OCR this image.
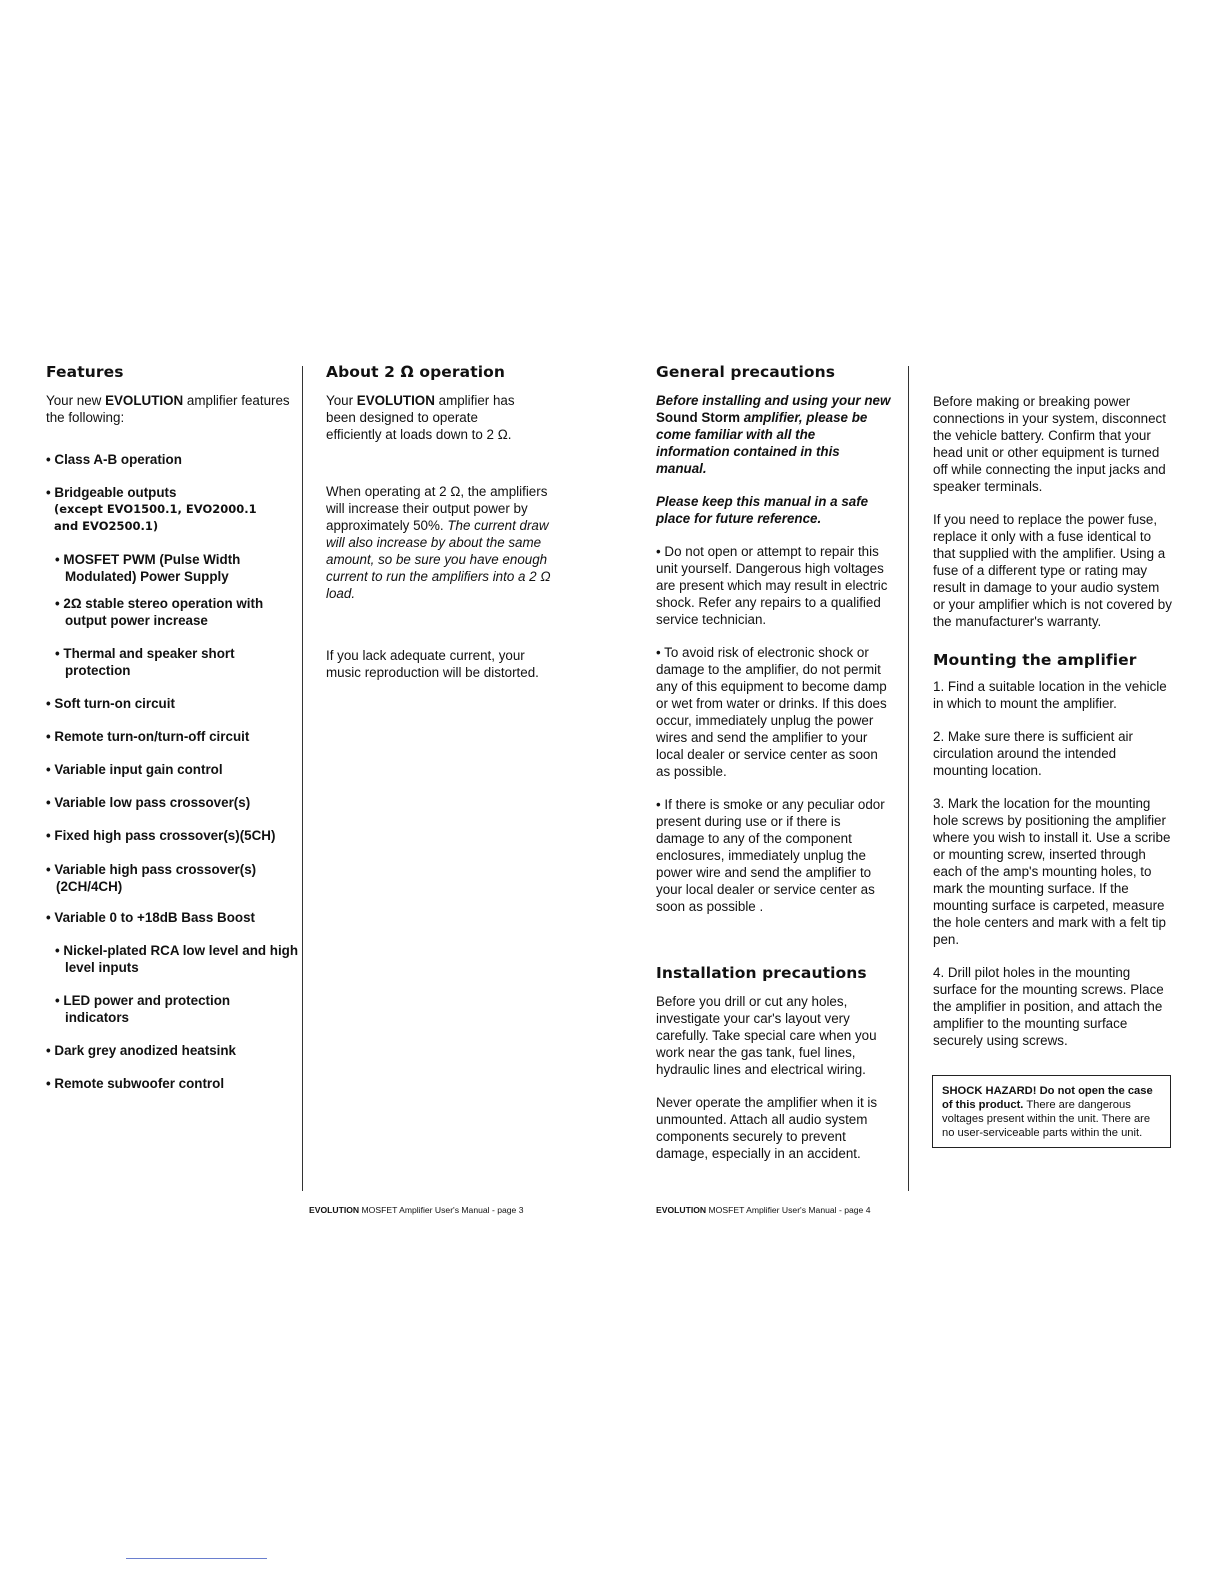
Features

Your new EVOLUTION amplifier features the following:

• Class A-B operation

• Bridgeable outputs

(except EVO1500.1, EVO2000.1 and EVO2500.1)

• MOSFET PWM (Pulse Width Modulated) Power Supply

• 2Ω stable stereo operation with output power increase

• Thermal and speaker short protection

• Soft turn-on circuit

• Remote turn-on/turn-off circuit

• Variable input gain control

• Variable low pass crossover(s)

• Fixed high pass crossover(s)(5CH)

• Variable high pass crossover(s) (2CH/4CH)

• Variable 0 to +18dB Bass Boost

• Nickel-plated RCA low level and high level inputs

• LED power and protection indicators

• Dark grey anodized heatsink

• Remote subwoofer control

About 2 Ω operation

Your EVOLUTION amplifier has been designed to operate efficiently at loads down to 2 Ω.

When operating at 2 Ω, the amplifiers will increase their output power by approximately 50%. The current draw will also increase by about the same amount, so be sure you have enough current to run the amplifiers into a 2 Ω load.

If you lack adequate current, your music reproduction will be distorted.

EVOLUTION MOSFET Amplifier User's Manual - page 3
General precautions

Before installing and using your new Sound Storm amplifier, please be come familiar with all the information contained in this manual.

Please keep this manual in a safe place for future reference.

• Do not open or attempt to repair this unit yourself. Dangerous high voltages are present which may result in electric shock. Refer any repairs to a qualified service technician.

• To avoid risk of electronic shock or damage to the amplifier, do not permit any of this equipment to become damp or wet from water or drinks. If this does occur, immediately unplug the power wires and send the amplifier to your local dealer or service center as soon as possible.

• If there is smoke or any peculiar odor present during use or if there is damage to any of the component enclosures, immediately unplug the power wire and send the amplifier to your local dealer or service center as soon as possible .

Installation precautions

Before you drill or cut any holes, investigate your car's layout very carefully. Take special care when you work near the gas tank, fuel lines, hydraulic lines and electrical wiring.

Never operate the amplifier when it is unmounted. Attach all audio system components securely to prevent damage, especially in an accident.

EVOLUTION MOSFET Amplifier User's Manual - page 4

Before making or breaking power connections in your system, disconnect the vehicle battery. Confirm that your head unit or other equipment is turned off while connecting the input jacks and speaker terminals.

If you need to replace the power fuse, replace it only with a fuse identical to that supplied with the amplifier. Using a fuse of a different type or rating may result in damage to your audio system or your amplifier which is not covered by the manufacturer's warranty.

Mounting the amplifier

1. Find a suitable location in the vehicle in which to mount the amplifier.

2. Make sure there is sufficient air circulation around the intended mounting location.

3. Mark the location for the mounting hole screws by positioning the amplifier where you wish to install it. Use a scribe or mounting screw, inserted through each of the amp's mounting holes, to mark the mounting surface. If the mounting surface is carpeted, measure the hole centers and mark with a felt tip pen.

4. Drill pilot holes in the mounting surface for the mounting screws. Place the amplifier in position, and attach the amplifier to the mounting surface securely using screws.

SHOCK HAZARD! Do not open the case of this product. There are dangerous voltages present within the unit. There are no user-serviceable parts within the unit.
